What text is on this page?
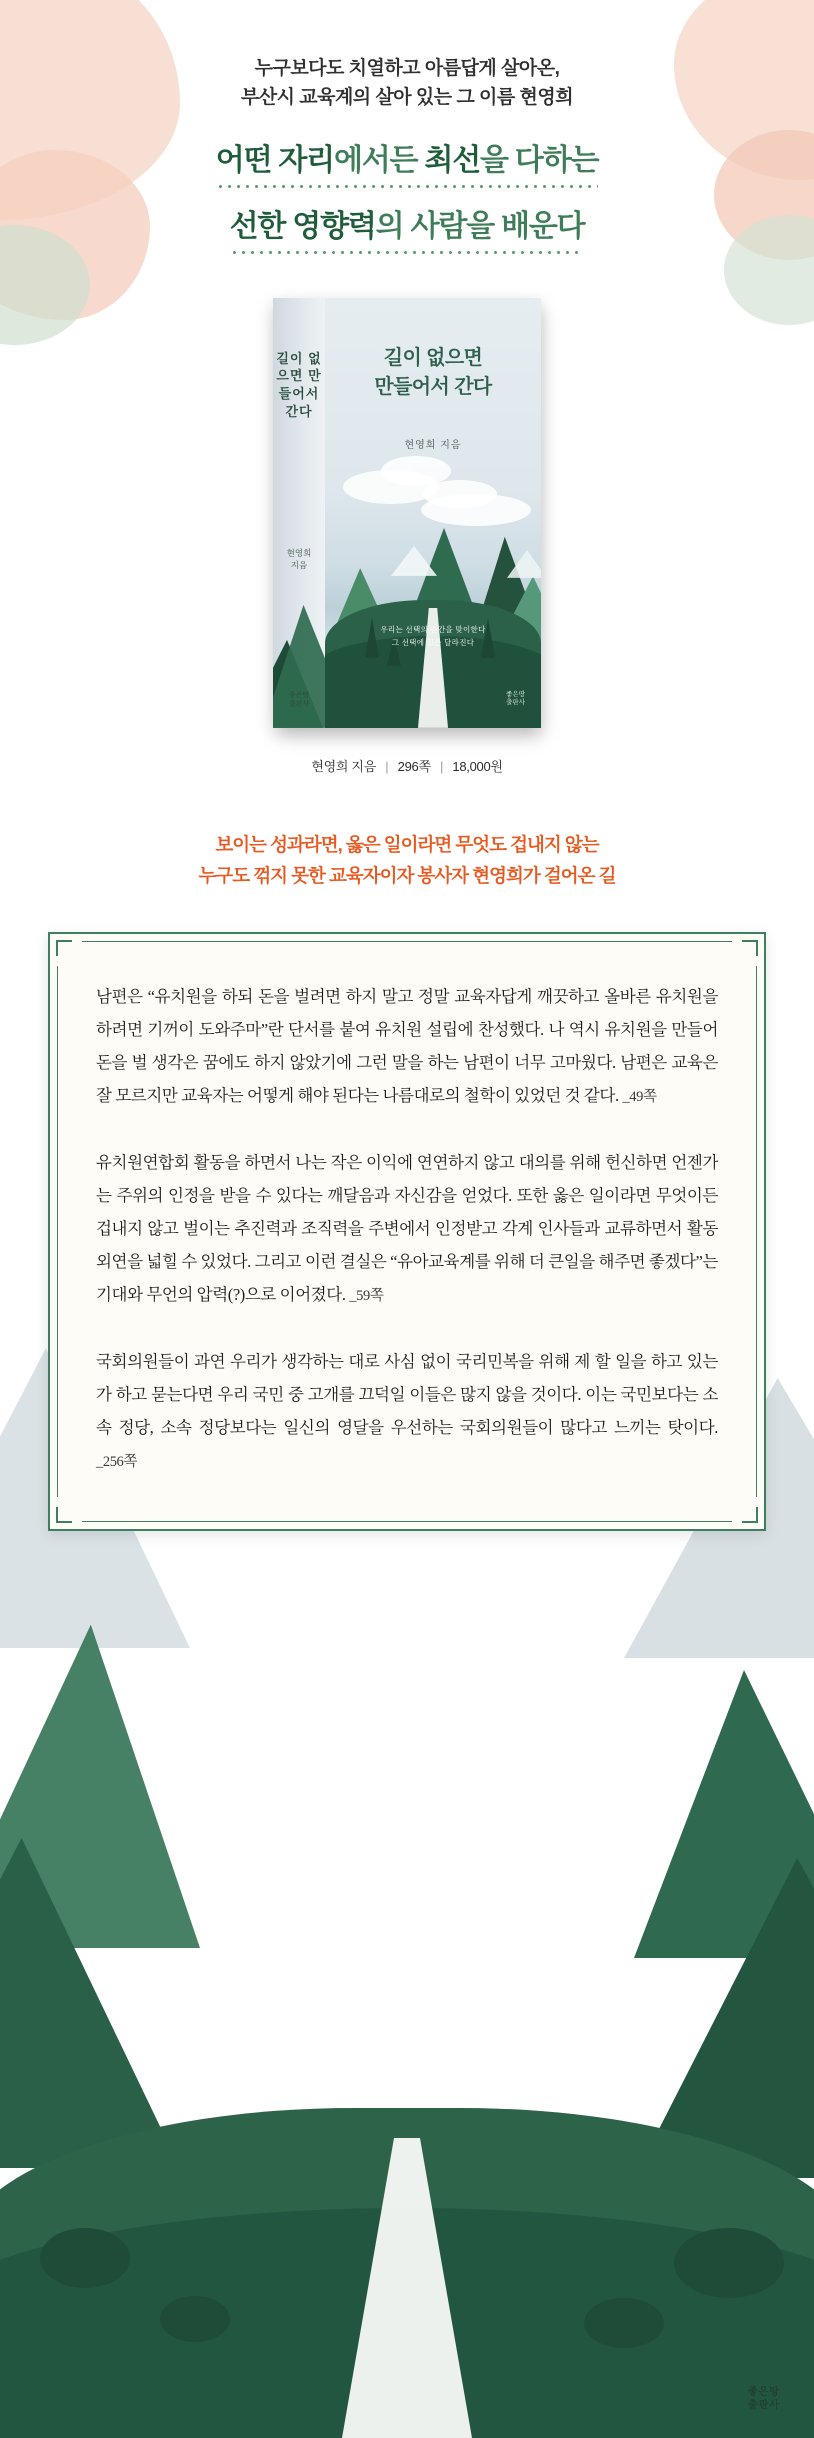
누구보다도 치열하고 아름답게 살아온,
부산시 교육계의 살아 있는 그 이름 현영희
어떤 자리에서든 최선을 다하는
선한 영향력의 사람을 배운다
길이 없으면 만들어서 간다
현영희
지음
좋은땅
출판사
길이 없으면
만들어서 간다
현영희 지음
우리는 선택의 순간을 맞이한다
그 선택에 길은 달라진다
좋은땅
출판사
현영희 지음 | 296쪽 | 18,000원
보이는 성과라면, 옳은 일이라면 무엇도 겁내지 않는
누구도 꺾지 못한 교육자이자 봉사자 현영희가 걸어온 길

남편은 “유치원을 하되 돈을 벌려면 하지 말고 정말 교육자답게 깨끗하고 올바른 유치원을 하려면 기꺼이 도와주마”란 단서를 붙여 유치원 설립에 찬성했다. 나 역시 유치원을 만들어 돈을 벌 생각은 꿈에도 하지 않았기에 그런 말을 하는 남편이 너무 고마웠다. 남편은 교육은 잘 모르지만 교육자는 어떻게 해야 된다는 나름대로의 철학이 있었던 것 같다. _49쪽

유치원연합회 활동을 하면서 나는 작은 이익에 연연하지 않고 대의를 위해 헌신하면 언젠가는 주위의 인정을 받을 수 있다는 깨달음과 자신감을 얻었다. 또한 옳은 일이라면 무엇이든 겁내지 않고 벌이는 추진력과 조직력을 주변에서 인정받고 각계 인사들과 교류하면서 활동 외연을 넓힐 수 있었다. 그리고 이런 결실은 “유아교육계를 위해 더 큰일을 해주면 좋겠다”는 기대와 무언의 압력(?)으로 이어졌다. _59쪽

국회의원들이 과연 우리가 생각하는 대로 사심 없이 국리민복을 위해 제 할 일을 하고 있는가 하고 묻는다면 우리 국민 중 고개를 끄덕일 이들은 많지 않을 것이다. 이는 국민보다는 소속 정당, 소속 정당보다는 일신의 영달을 우선하는 국회의원들이 많다고 느끼는 탓이다. _256쪽

좋은땅
출판사
